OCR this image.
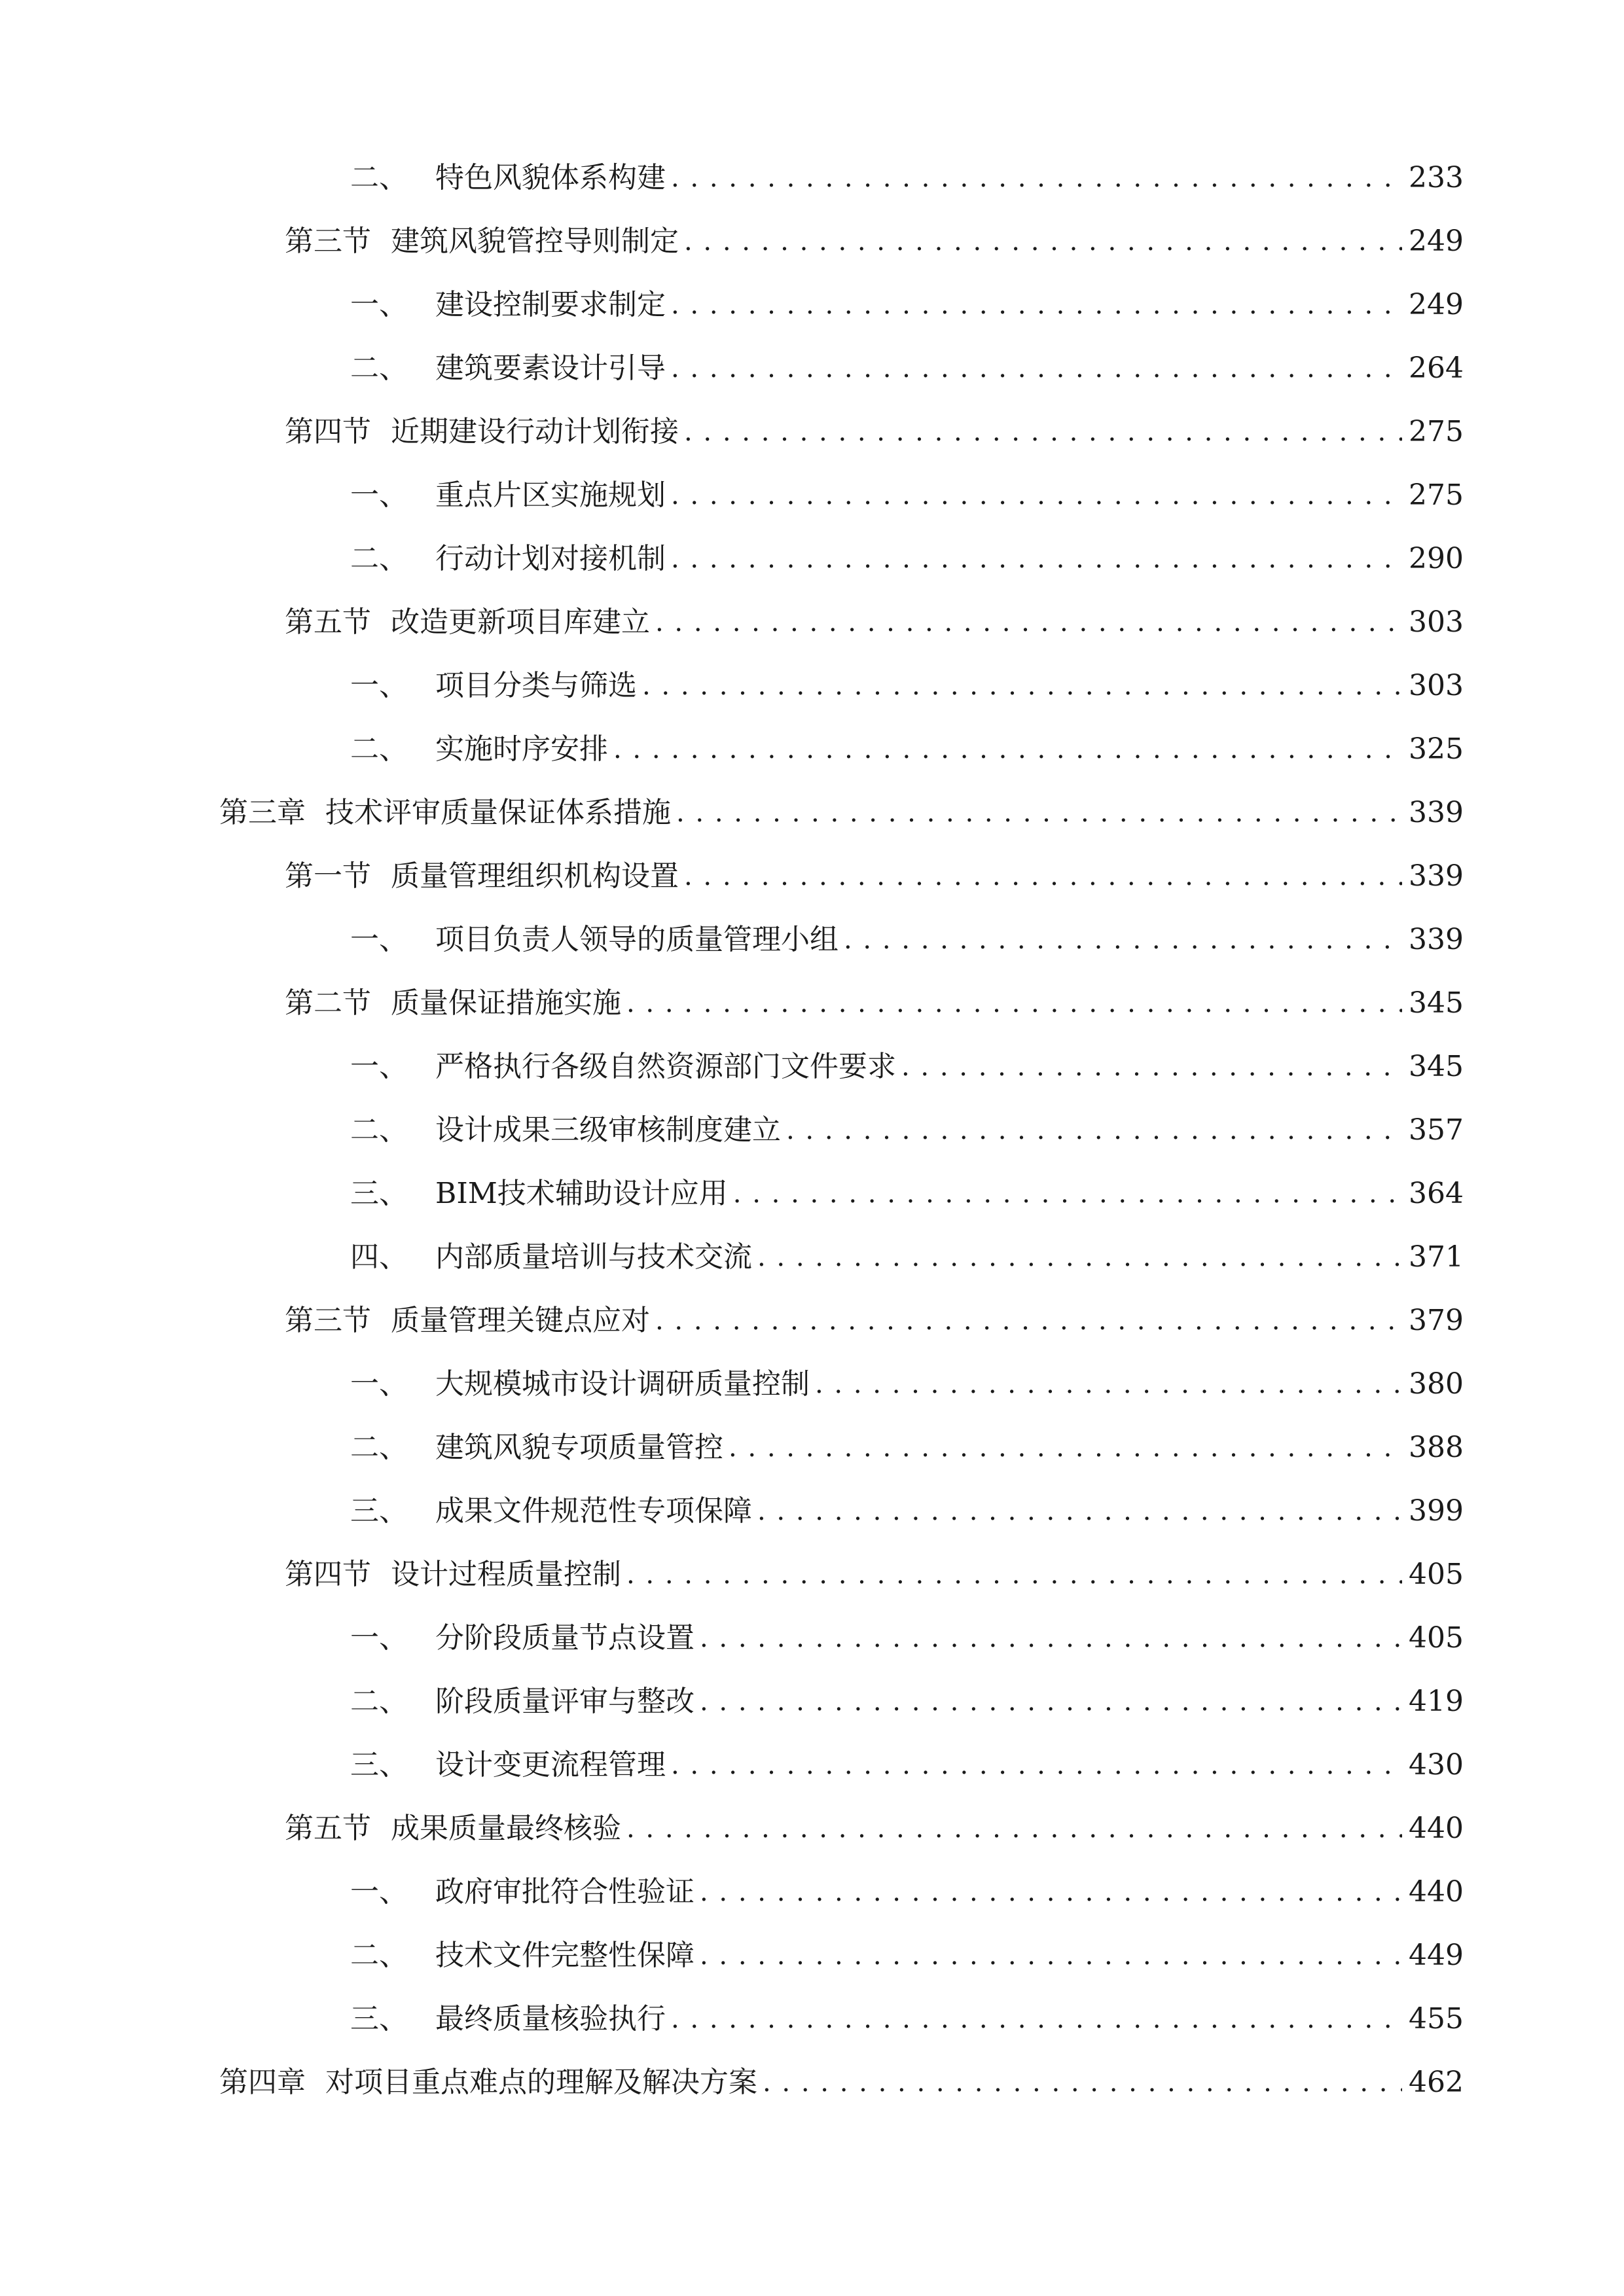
二、 特色风貌体系构建 . . .	233
第三节 建筑风貌管控导则制定 . . .	249
一、 建设控制要求制定 . . .	249
二、 建筑要素设计引导 . . .	264
第四节 近期建设行动计划衔接 . . .	275
一、 重点片区实施规划 . . .	275
二、 行动计划对接机制 . . .	290
第五节 改造更新项目库建立 . . .	303
一、 项目分类与筛选 . . .	303
二、 实施时序安排 . . .	325
第三章 技术评审质量保证体系措施 . . .	339
第一节 质量管理组织机构设置 . . .	339
一、 项目负责人领导的质量管理小组 . . .	339
第二节 质量保证措施实施 . . .	345
一、 严格执行各级自然资源部门文件要求 . . .	345
二、 设计成果三级审核制度建立 . . .	357
三、 BIM技术辅助设计应用 . . .	364
四、 内部质量培训与技术交流 . . .	371
第三节 质量管理关键点应对 . . .	379
一、 大规模城市设计调研质量控制 . . .	380
二、 建筑风貌专项质量管控 . . .	388
三、 成果文件规范性专项保障 . . .	399
第四节 设计过程质量控制 . . .	405
一、 分阶段质量节点设置 . . .	405
二、 阶段质量评审与整改 . . .	419
三、 设计变更流程管理 . . .	430
第五节 成果质量最终核验 . . .	440
一、 政府审批符合性验证 . . .	440
二、 技术文件完整性保障 . . .	449
三、 最终质量核验执行 . . .	455
第四章 对项目重点难点的理解及解决方案 . . .	462
